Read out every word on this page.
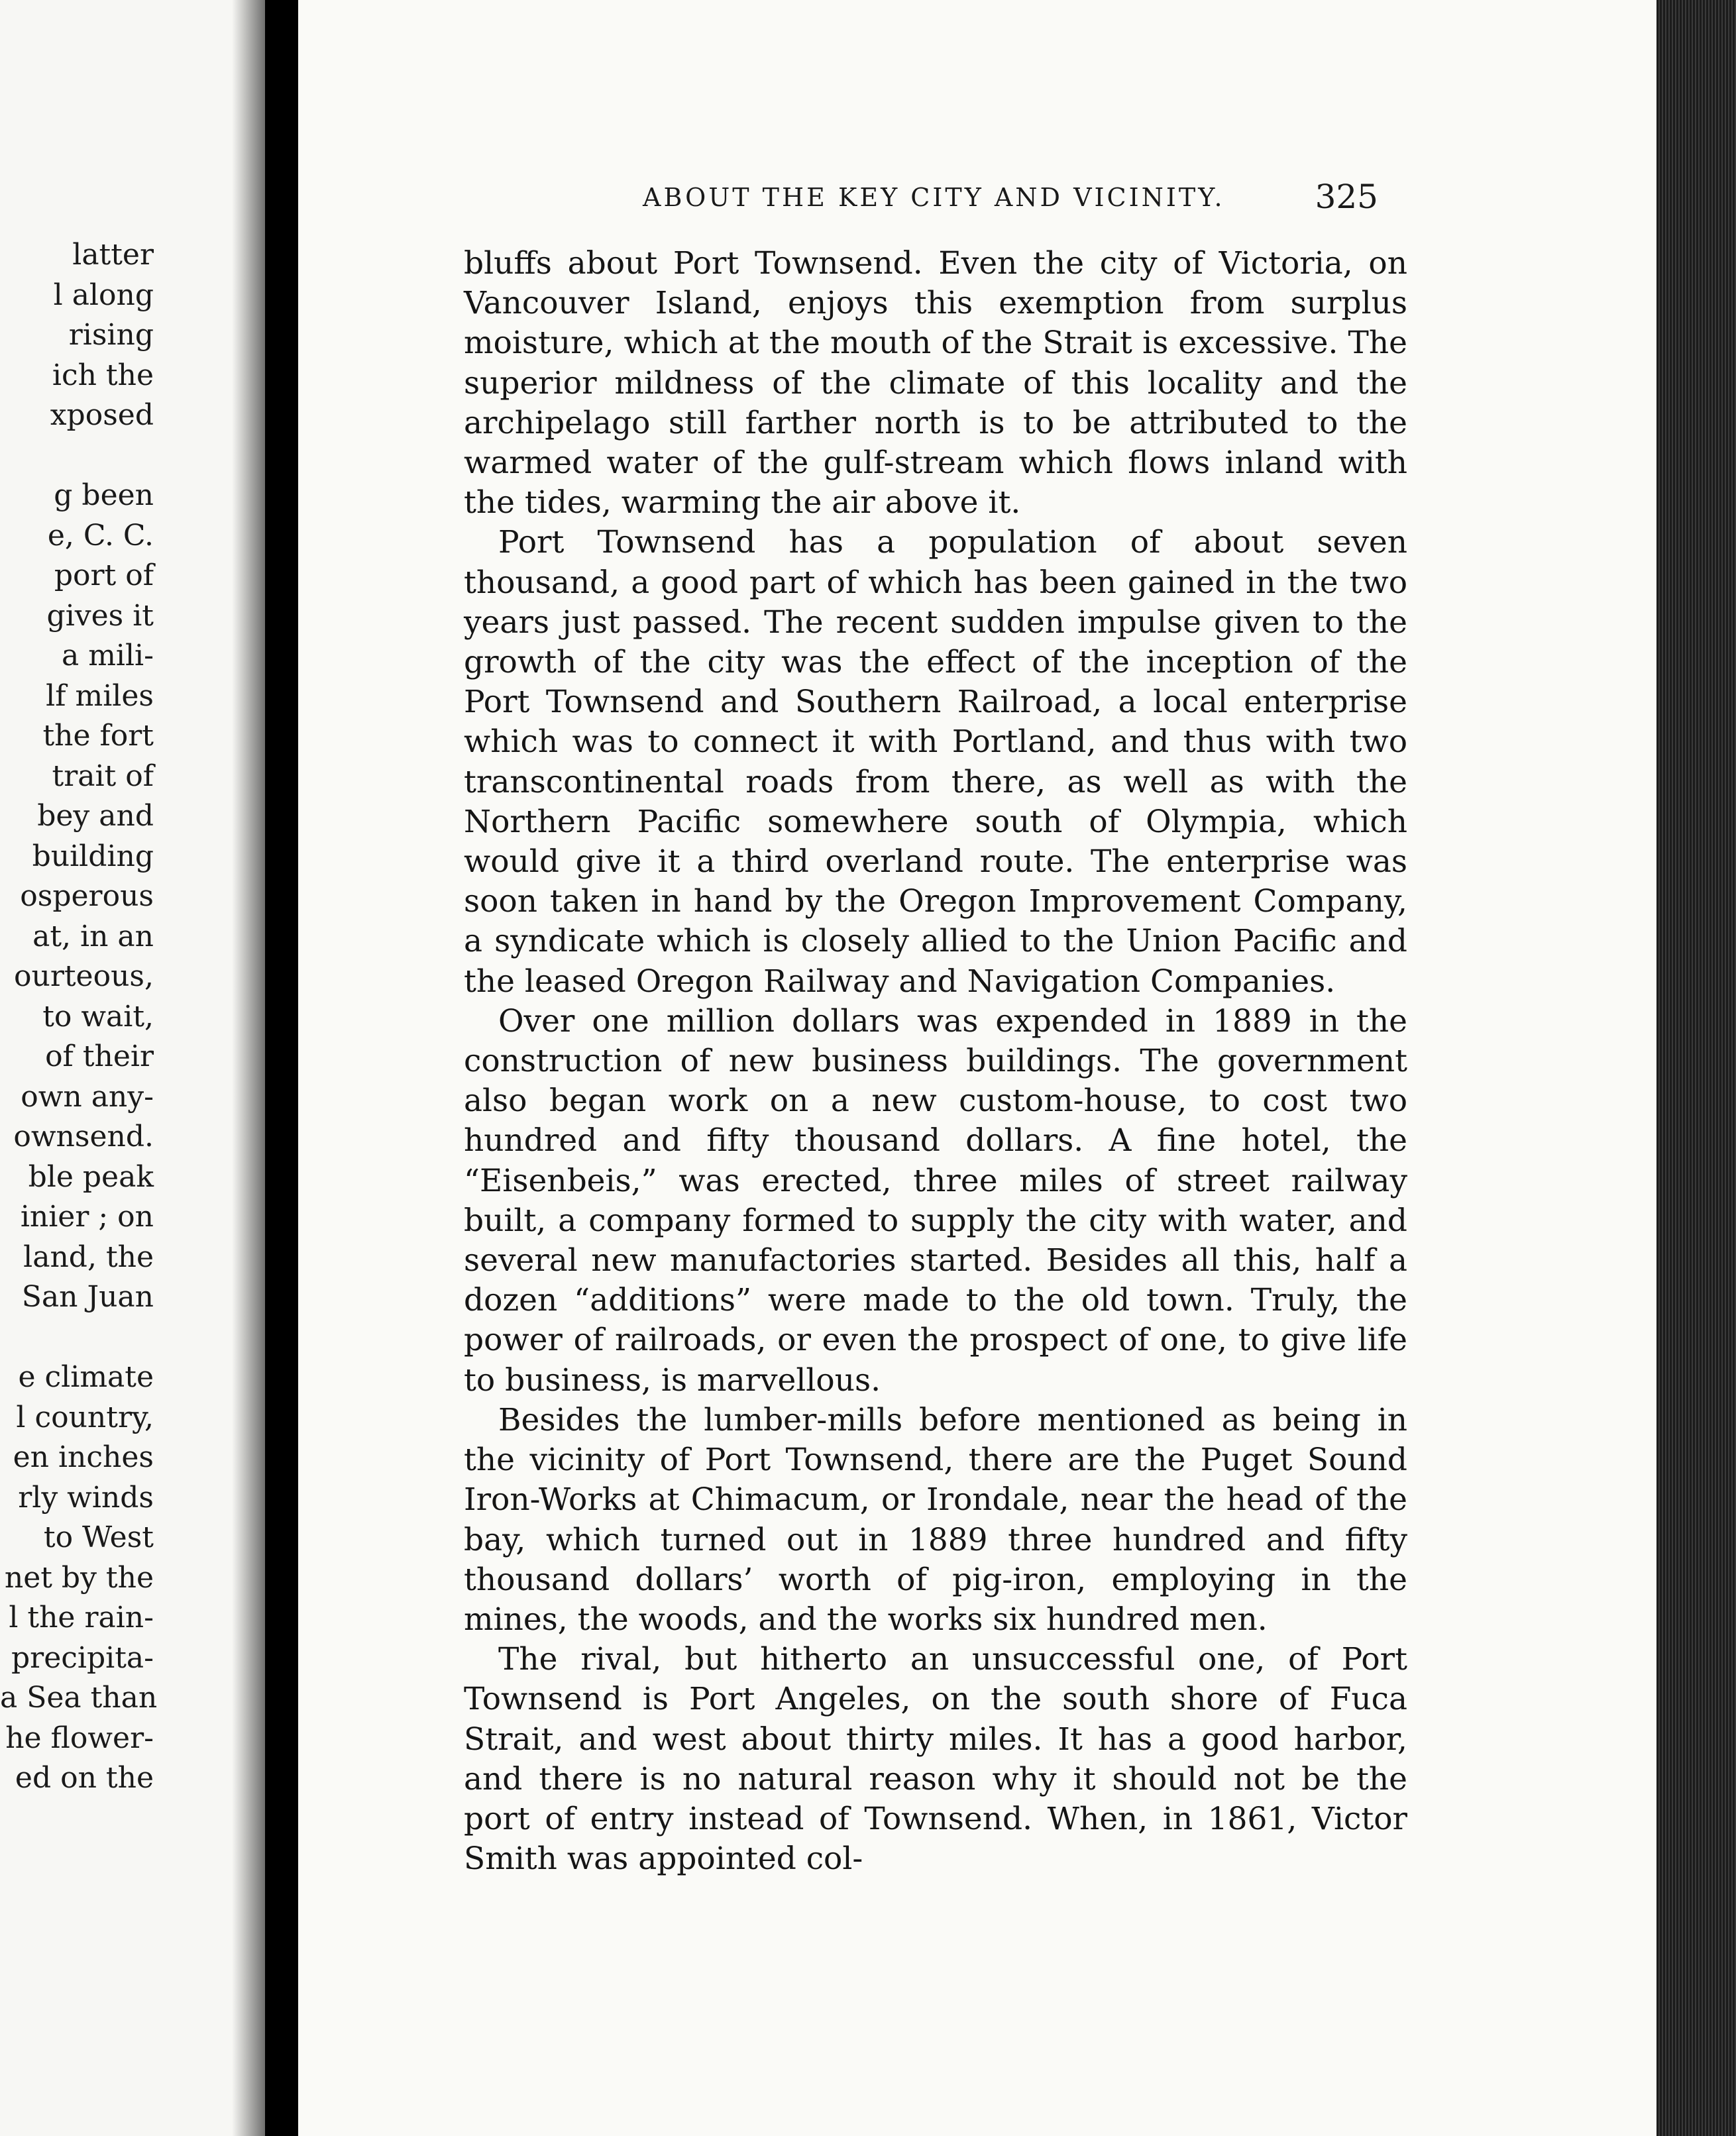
latter
l along
rising
ich the
xposed
g been
e, C. C.
port of
gives it
a mili-
lf miles
the fort
trait of
bey and
building
osperous
at, in an
ourteous,
to wait,
of their
own any-
ownsend.
ble peak
inier ; on
land, the
San Juan
e climate
l country,
en inches
rly winds
to West
net by the
l the rain-
precipita-
a Sea than
he flower-
ed on the
ABOUT THE KEY CITY AND VICINITY.	325

bluffs about Port Townsend. Even the city of Victoria, on Vancouver Island, enjoys this exemption from surplus moisture, which at the mouth of the Strait is excessive. The superior mildness of the climate of this locality and the archipelago still farther north is to be attributed to the warmed water of the gulf-stream which flows inland with the tides, warming the air above it.

Port Townsend has a population of about seven thousand, a good part of which has been gained in the two years just passed. The recent sudden impulse given to the growth of the city was the effect of the inception of the Port Townsend and Southern Railroad, a local enterprise which was to connect it with Portland, and thus with two transcontinental roads from there, as well as with the Northern Pacific somewhere south of Olympia, which would give it a third overland route. The enterprise was soon taken in hand by the Oregon Improvement Company, a syndicate which is closely allied to the Union Pacific and the leased Oregon Railway and Navigation Companies.

Over one million dollars was expended in 1889 in the construction of new business buildings. The government also began work on a new custom-house, to cost two hundred and fifty thousand dollars. A fine hotel, the “Eisenbeis,” was erected, three miles of street railway built, a company formed to supply the city with water, and several new manufactories started. Besides all this, half a dozen “additions” were made to the old town. Truly, the power of railroads, or even the prospect of one, to give life to business, is marvellous.

Besides the lumber-mills before mentioned as being in the vicinity of Port Townsend, there are the Puget Sound Iron-Works at Chimacum, or Irondale, near the head of the bay, which turned out in 1889 three hundred and fifty thousand dollars’ worth of pig-iron, employing in the mines, the woods, and the works six hundred men.

The rival, but hitherto an unsuccessful one, of Port Townsend is Port Angeles, on the south shore of Fuca Strait, and west about thirty miles. It has a good harbor, and there is no natural reason why it should not be the port of entry instead of Townsend. When, in 1861, Victor Smith was appointed col-
